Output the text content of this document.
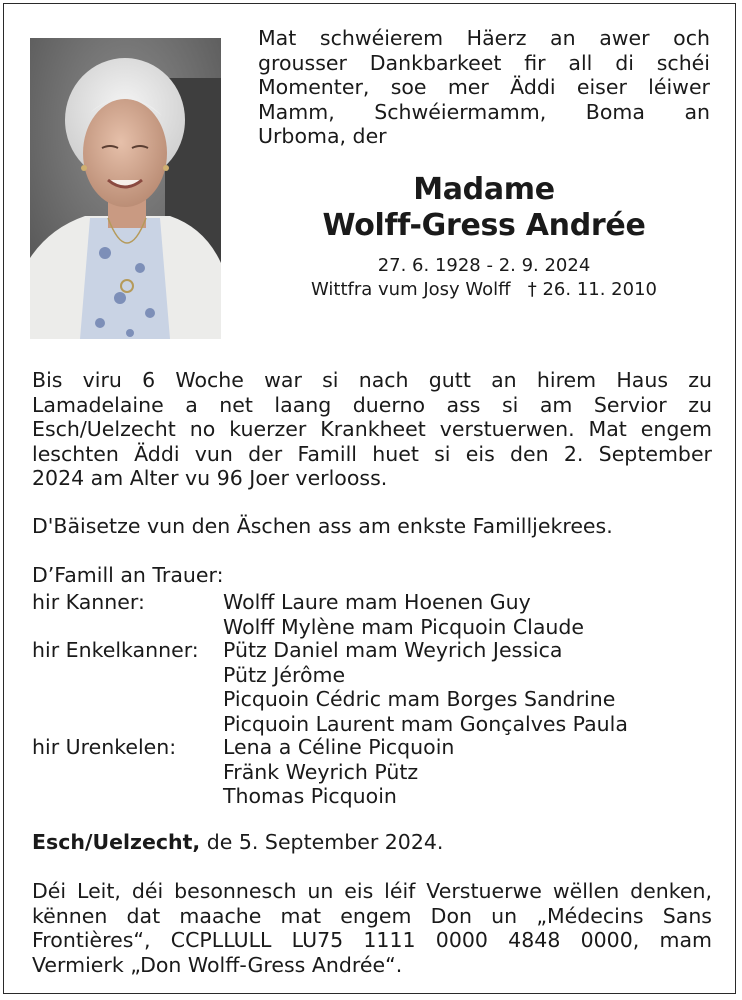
Mat schwéierem Häerz an awer och
grousser Dankbarkeet fir all di schéi
Momenter, soe mer Äddi eiser léiwer
Mamm, Schwéiermamm, Boma an
Urboma, der

Madame
Wolff-Gress Andrée
27. 6. 1928 - 2. 9. 2024
Wittfra vum Josy Wolff † 26. 11. 2010

Bis viru 6 Woche war si nach gutt an hirem Haus zu
Lamadelaine a net laang duerno ass si am Servior zu
Esch/Uelzecht no kuerzer Krankheet verstuerwen. Mat engem
leschten Äddi vun der Famill huet si eis den 2. September
2024 am Alter vu 96 Joer verlooss.

D'Bäisetze vun den Äschen ass am enkste Familljekrees.

D’Famill an Trauer:
hir Kanner:	Wolff Laure mam Hoenen Guy
Wolff Mylène mam Picquoin Claude
hir Enkelkanner: Pütz Daniel mam Weyrich Jessica
Pütz Jérôme
Picquoin Cédric mam Borges Sandrine
Picquoin Laurent mam Gonçalves Paula
hir Urenkelen: Lena a Céline Picquoin
Fränk Weyrich Pütz
Thomas Picquoin
Esch/Uelzecht, de 5. September 2024.

Déi Leit, déi besonnesch un eis léif Verstuerwe wëllen denken,
kënnen dat maache mat engem Don un „Médecins Sans
Frontières“, CCPLLULL LU75 1111 0000 4848 0000, mam
Vermierk „Don Wolff-Gress Andrée“.
